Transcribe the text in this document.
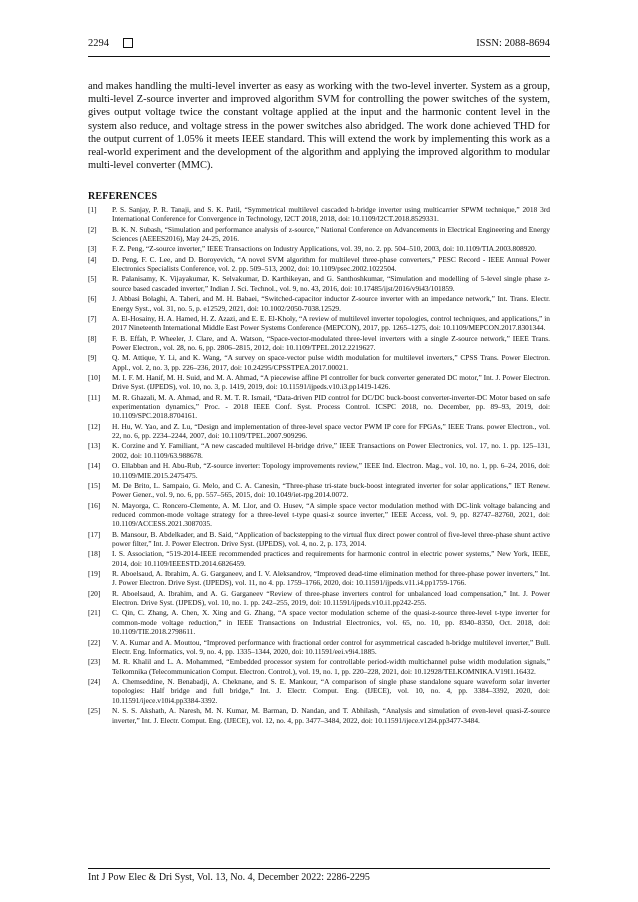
2294	ISSN: 2088-8694

and makes handling the multi-level inverter as easy as working with the two-level inverter. System as a group, multi-level Z-source inverter and improved algorithm SVM for controlling the power switches of the system, gives output voltage twice the constant voltage applied at the input and the harmonic content level in the system also reduce, and voltage stress in the power switches also abridged. The work done achieved THD for the output current of 1.05% it meets IEEE standard. This will extend the work by implementing this work as a real-world experiment and the development of the algorithm and applying the improved algorithm to modular multi-level converter (MMC).

REFERENCES
[1]	P. S. Sanjay, P. R. Tanaji, and S. K. Patil, “Symmetrical multilevel cascaded h-bridge inverter using multicarrier SPWM technique,” 2018 3rd International Conference for Convergence in Technology, I2CT 2018, 2018, doi: 10.1109/I2CT.2018.8529331.
[2]	B. K. N. Subash, “Simulation and performance analysis of z-source,” National Conference on Advancements in Electrical Engineering and Energy Sciences (AEEES2016), May 24-25, 2016.
[3]	F. Z. Peng, “Z-source inverter,” IEEE Transactions on Industry Applications, vol. 39, no. 2. pp. 504–510, 2003, doi: 10.1109/TIA.2003.808920.
[4]	D. Peng, F. C. Lee, and D. Boroyevich, “A novel SVM algorithm for multilevel three-phase converters,” PESC Record - IEEE Annual Power Electronics Specialists Conference, vol. 2. pp. 509–513, 2002, doi: 10.1109/psec.2002.1022504.
[5]	R. Palanisamy, K. Vijayakumar, K. Selvakumar, D. Karthikeyan, and G. Santhoshkumar, “Simulation and modelling of 5-level single phase z-source based cascaded inverter,” Indian J. Sci. Technol., vol. 9, no. 43, 2016, doi: 10.17485/ijst/2016/v9i43/101859.
[6]	J. Abbasi Bolaghi, A. Taheri, and M. H. Babaei, “Switched-capacitor inductor Z-source inverter with an impedance network,” Int. Trans. Electr. Energy Syst., vol. 31, no. 5, p. e12529, 2021, doi: 10.1002/2050-7038.12529.
[7]	A. El-Hosainy, H. A. Hamed, H. Z. Azazi, and E. E. El-Kholy, “A review of multilevel inverter topologies, control techniques, and applications,” in 2017 Nineteenth International Middle East Power Systems Conference (MEPCON), 2017, pp. 1265–1275, doi: 10.1109/MEPCON.2017.8301344.
[8]	F. B. Effah, P. Wheeler, J. Clare, and A. Watson, “Space-vector-modulated three-level inverters with a single Z-source network,” IEEE Trans. Power Electron., vol. 28, no. 6, pp. 2806–2815, 2012, doi: 10.1109/TPEL.2012.2219627.
[9]	Q. M. Attique, Y. Li, and K. Wang, “A survey on space-vector pulse width modulation for multilevel inverters,” CPSS Trans. Power Electron. Appl., vol. 2, no. 3, pp. 226–236, 2017, doi: 10.24295/CPSSTPEA.2017.00021.
[10]	M. I. F. M. Hanif, M. H. Suid, and M. A. Ahmad, “A piecewise affine PI controller for buck converter generated DC motor,” Int. J. Power Electron. Drive Syst. (IJPEDS), vol. 10, no. 3, p. 1419, 2019, doi: 10.11591/ijpeds.v10.i3.pp1419-1426.
[11]	M. R. Ghazali, M. A. Ahmad, and R. M. T. R. Ismail, “Data-driven PID control for DC/DC buck-boost converter-inverter-DC Motor based on safe experimentation dynamics,” Proc. - 2018 IEEE Conf. Syst. Process Control. ICSPC 2018, no. December, pp. 89–93, 2019, doi: 10.1109/SPC.2018.8704161.
[12]	H. Hu, W. Yao, and Z. Lu, “Design and implementation of three-level space vector PWM IP core for FPGAs,” IEEE Trans. power Electron., vol. 22, no. 6, pp. 2234–2244, 2007, doi: 10.1109/TPEL.2007.909296.
[13]	K. Corzine and Y. Familiant, “A new cascaded multilevel H-bridge drive,” IEEE Transactions on Power Electronics, vol. 17, no. 1. pp. 125–131, 2002, doi: 10.1109/63.988678.
[14]	O. Ellabban and H. Abu-Rub, “Z-source inverter: Topology improvements review,” IEEE Ind. Electron. Mag., vol. 10, no. 1, pp. 6–24, 2016, doi: 10.1109/MIE.2015.2475475.
[15]	M. De Brito, L. Sampaio, G. Melo, and C. A. Canesin, “Three-phase tri-state buck-boost integrated inverter for solar applications,” IET Renew. Power Gener., vol. 9, no. 6, pp. 557–565, 2015, doi: 10.1049/iet-rpg.2014.0072.
[16]	N. Mayorga, C. Roncero-Clemente, A. M. Llor, and O. Husev, “A simple space vector modulation method with DC-link voltage balancing and reduced common-mode voltage strategy for a three-level t-type quasi-z source inverter,” IEEE Access, vol. 9, pp. 82747–82760, 2021, doi: 10.1109/ACCESS.2021.3087035.
[17]	B. Mansour, B. Abdelkader, and B. Said, “Application of backstepping to the virtual flux direct power control of five-level three-phase shunt active power filter,” Int. J. Power Electron. Drive Syst. (IJPEDS), vol. 4, no. 2, p. 173, 2014.
[18]	I. S. Association, “519-2014-IEEE recommended practices and requirements for harmonic control in electric power systems,” New York, IEEE, 2014, doi: 10.1109/IEEESTD.2014.6826459.
[19]	R. Aboelsaud, A. Ibrahim, A. G. Garganeev, and I. V. Aleksandrov, “Improved dead-time elimination method for three-phase power inverters,” Int. J. Power Electron. Drive Syst. (IJPEDS), vol. 11, no 4. pp. 1759–1766, 2020, doi: 10.11591/ijpeds.v11.i4.pp1759-1766.
[20]	R. Aboelsaud, A. Ibrahim, and A. G. Garganeev “Review of three-phase inverters control for unbalanced load compensation,” Int. J. Power Electron. Drive Syst. (IJPEDS), vol. 10, no. 1. pp. 242–255, 2019, doi: 10.11591/ijpeds.v10.i1.pp242-255.
[21]	C. Qin, C. Zhang, A. Chen, X. Xing and G. Zhang, “A space vector modulation scheme of the quasi-z-source three-level t-type inverter for common-mode voltage reduction,” in IEEE Transactions on Industrial Electronics, vol. 65, no. 10, pp. 8340–8350, Oct. 2018, doi: 10.1109/TIE.2018.2798611.
[22]	V. A. Kumar and A. Mouttou, “Improved performance with fractional order control for asymmetrical cascaded h-bridge multilevel inverter,” Bull. Electr. Eng. Informatics, vol. 9, no. 4, pp. 1335–1344, 2020, doi: 10.11591/eei.v9i4.1885.
[23]	M. R. Khalil and L. A. Mohammed, “Embedded processor system for controllable period-width multichannel pulse width modulation signals,” Telkomnika (Telecommunication Comput. Electron. Control.), vol. 19, no. 1, pp. 220–228, 2021, doi: 10.12928/TELKOMNIKA.V19I1.16432.
[24]	A. Chemseddine, N. Benabadji, A. Cheknane, and S. E. Mankour, “A comparison of single phase standalone square waveform solar inverter topologies: Half bridge and full bridge,” Int. J. Electr. Comput. Eng. (IJECE), vol. 10, no. 4, pp. 3384–3392, 2020, doi: 10.11591/ijece.v10i4.pp3384-3392.
[25]	N. S. S. Akshath, A. Naresh, M. N. Kumar, M. Barman, D. Nandan, and T. Abhilash, “Analysis and simulation of even-level quasi-Z-source inverter,” Int. J. Electr. Comput. Eng. (IJECE), vol. 12, no. 4, pp. 3477–3484, 2022, doi: 10.11591/ijece.v12i4.pp3477-3484.
Int J Pow Elec & Dri Syst, Vol. 13, No. 4, December 2022: 2286-2295
